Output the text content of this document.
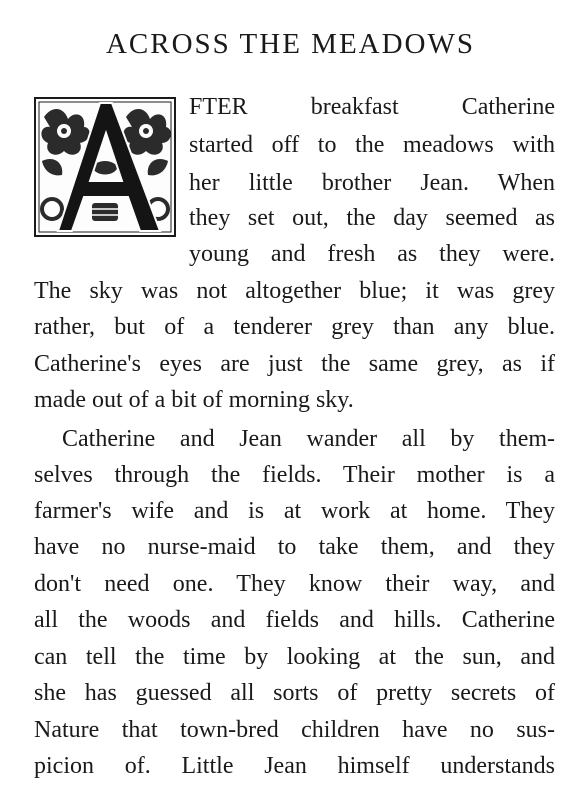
ACROSS THE MEADOWS

FTER breakfast Catherine

started off to the meadows with

her little brother Jean. When

they set out, the day seemed as

young and fresh as they were.

The sky was not altogether blue; it was grey

rather, but of a tenderer grey than any blue.

Catherine's eyes are just the same grey, as if

made out of a bit of morning sky.

Catherine and Jean wander all by them-

selves through the fields. Their mother is a

farmer's wife and is at work at home. They

have no nurse-maid to take them, and they

don't need one. They know their way, and

all the woods and fields and hills. Catherine

can tell the time by looking at the sun, and

she has guessed all sorts of pretty secrets of

Nature that town-bred children have no sus-

picion of. Little Jean himself understands
